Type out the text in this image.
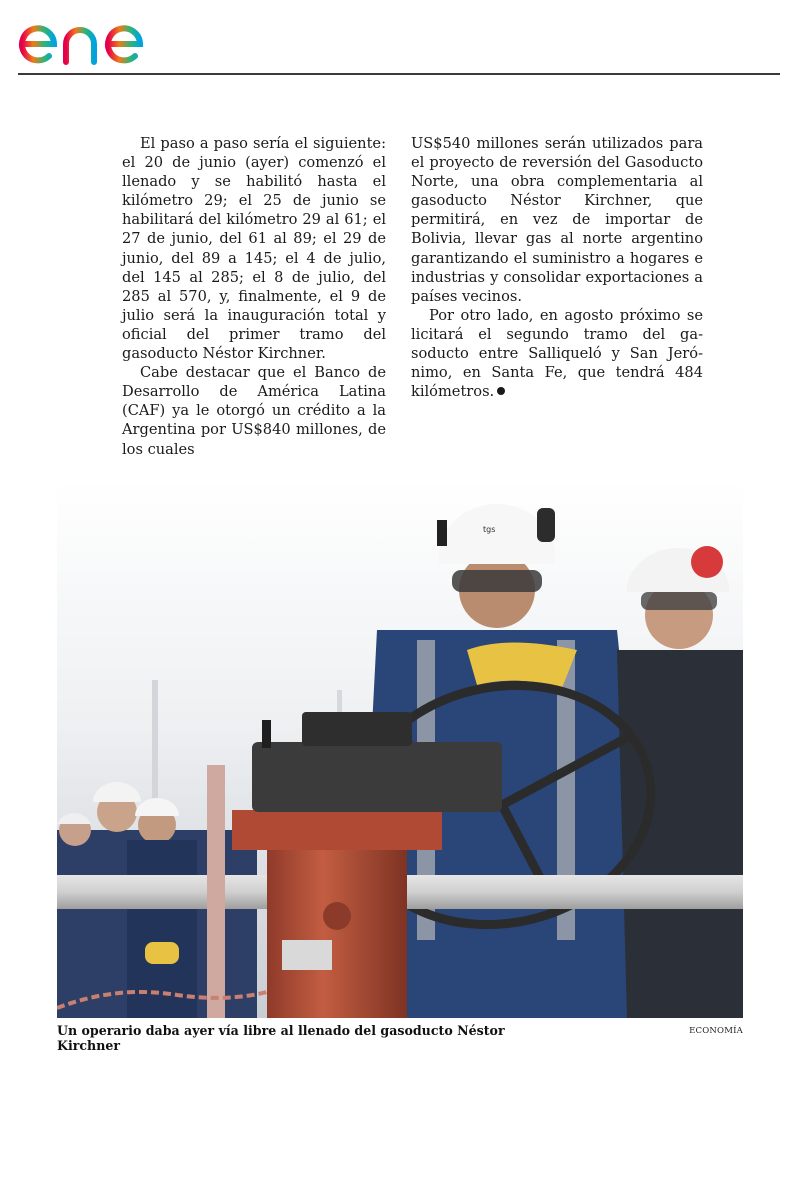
El paso a paso sería el siguiente: el 20 de junio (ayer) comenzó el llenado y se habilitó hasta el kilómetro 29; el 25 de junio se habilitará del kilómetro 29 al 61; el 27 de junio, del 61 al 89; el 29 de junio, del 89 a 145; el 4 de julio, del 145 al 285; el 8 de julio, del 285 al 570, y, finalmente, el 9 de julio será la inauguración total y oficial del primer tramo del gasoducto Néstor Kirchner.

Cabe destacar que el Banco de Desarrollo de América Latina (CAF) ya le otorgó un crédito a la Argentina por US$840 millones, de los cuales

US$540 millones serán utilizados para el proyecto de reversión del Gasoducto Norte, una obra complementaria al gasoducto Néstor Kirchner, que permitirá, en vez de importar de Bolivia, llevar gas al norte argentino garantizando el suministro a hogares e industrias y consolidar exportaciones a países vecinos.

Por otro lado, en agosto próximo se licitará el segundo tramo del gasoducto entre Salliqueló y San Jerónimo, en Santa Fe, que tendrá 484 kilómetros.

tgs
Un operario daba ayer vía libre al llenado del gasoducto Néstor Kirchner
ECONOMÍA
